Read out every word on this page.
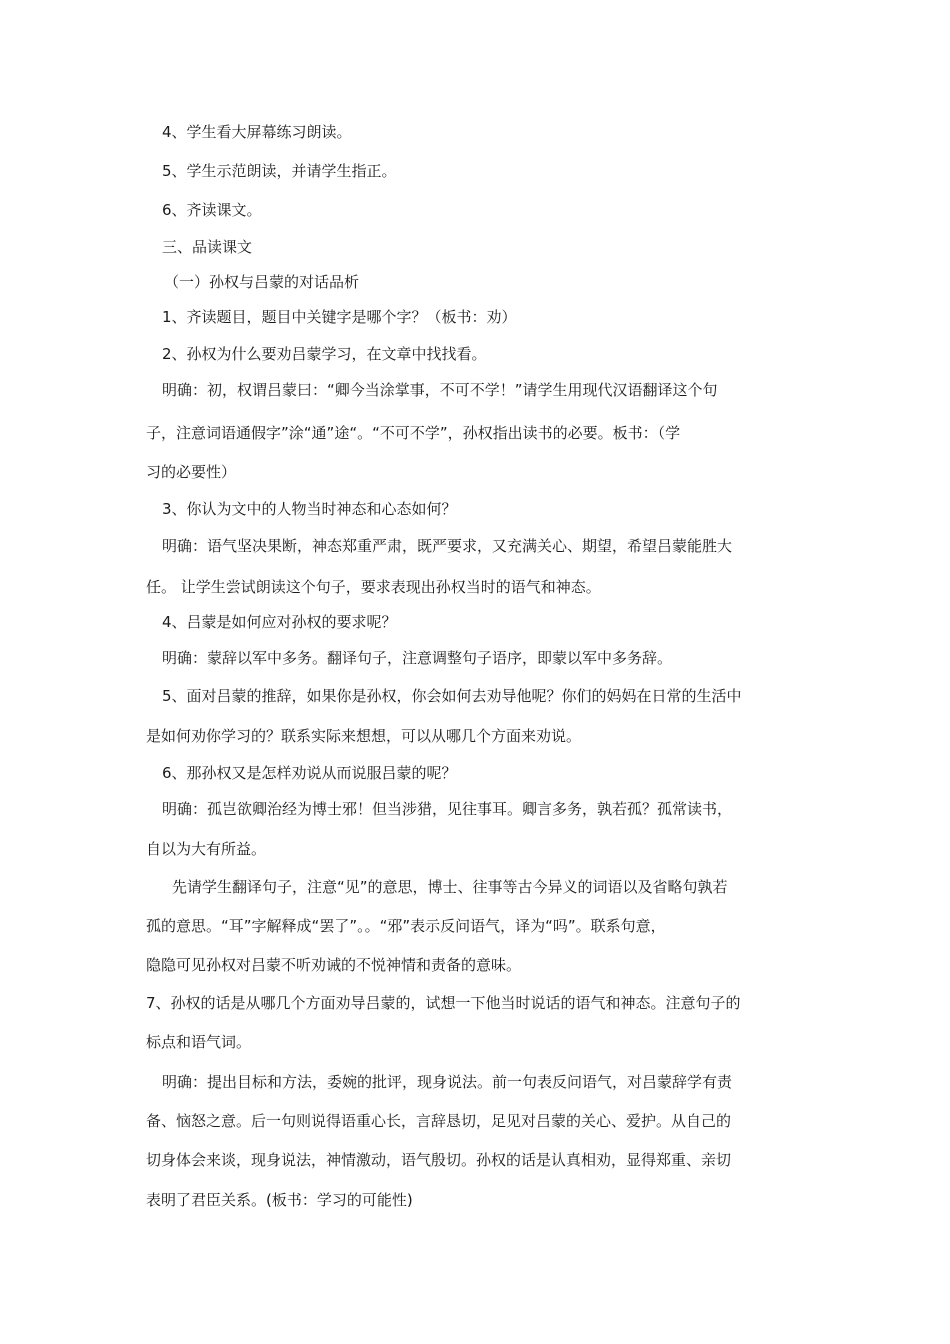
4、学生看大屏幕练习朗读。
5、学生示范朗读，并请学生指正。
6、齐读课文。
三、品读课文
（一）孙权与吕蒙的对话品析
1、齐读题目，题目中关键字是哪个字？（板书：劝）
2、孙权为什么要劝吕蒙学习，在文章中找找看。
明确：初，权谓吕蒙曰：“卿今当涂掌事，不可不学！”请学生用现代汉语翻译这个句
子，注意词语通假字”涂“通”途“。“不可不学”，孙权指出读书的必要。板书：（学
习的必要性）
3、你认为文中的人物当时神态和心态如何？
明确：语气坚决果断，神态郑重严肃，既严要求，又充满关心、期望，希望吕蒙能胜大
任。 让学生尝试朗读这个句子，要求表现出孙权当时的语气和神态。
4、吕蒙是如何应对孙权的要求呢？
明确：蒙辞以军中多务。翻译句子，注意调整句子语序，即蒙以军中多务辞。
5、面对吕蒙的推辞，如果你是孙权，你会如何去劝导他呢？你们的妈妈在日常的生活中
是如何劝你学习的？联系实际来想想，可以从哪几个方面来劝说。
6、那孙权又是怎样劝说从而说服吕蒙的呢？
明确：孤岂欲卿治经为博士邪！但当涉猎，见往事耳。卿言多务，孰若孤？孤常读书，
自以为大有所益。
先请学生翻译句子，注意“见”的意思，博士、往事等古今异义的词语以及省略句孰若
孤的意思。“耳”字解释成“罢了”。。“邪”表示反问语气，译为“吗”。联系句意，
隐隐可见孙权对吕蒙不听劝诫的不悦神情和责备的意味。
7、孙权的话是从哪几个方面劝导吕蒙的，试想一下他当时说话的语气和神态。注意句子的
标点和语气词。
明确：提出目标和方法，委婉的批评，现身说法。前一句表反问语气，对吕蒙辞学有责
备、恼怒之意。后一句则说得语重心长，言辞恳切，足见对吕蒙的关心、爱护。从自己的
切身体会来谈，现身说法，神情激动，语气殷切。孙权的话是认真相劝，显得郑重、亲切
表明了君臣关系。(板书：学习的可能性)
